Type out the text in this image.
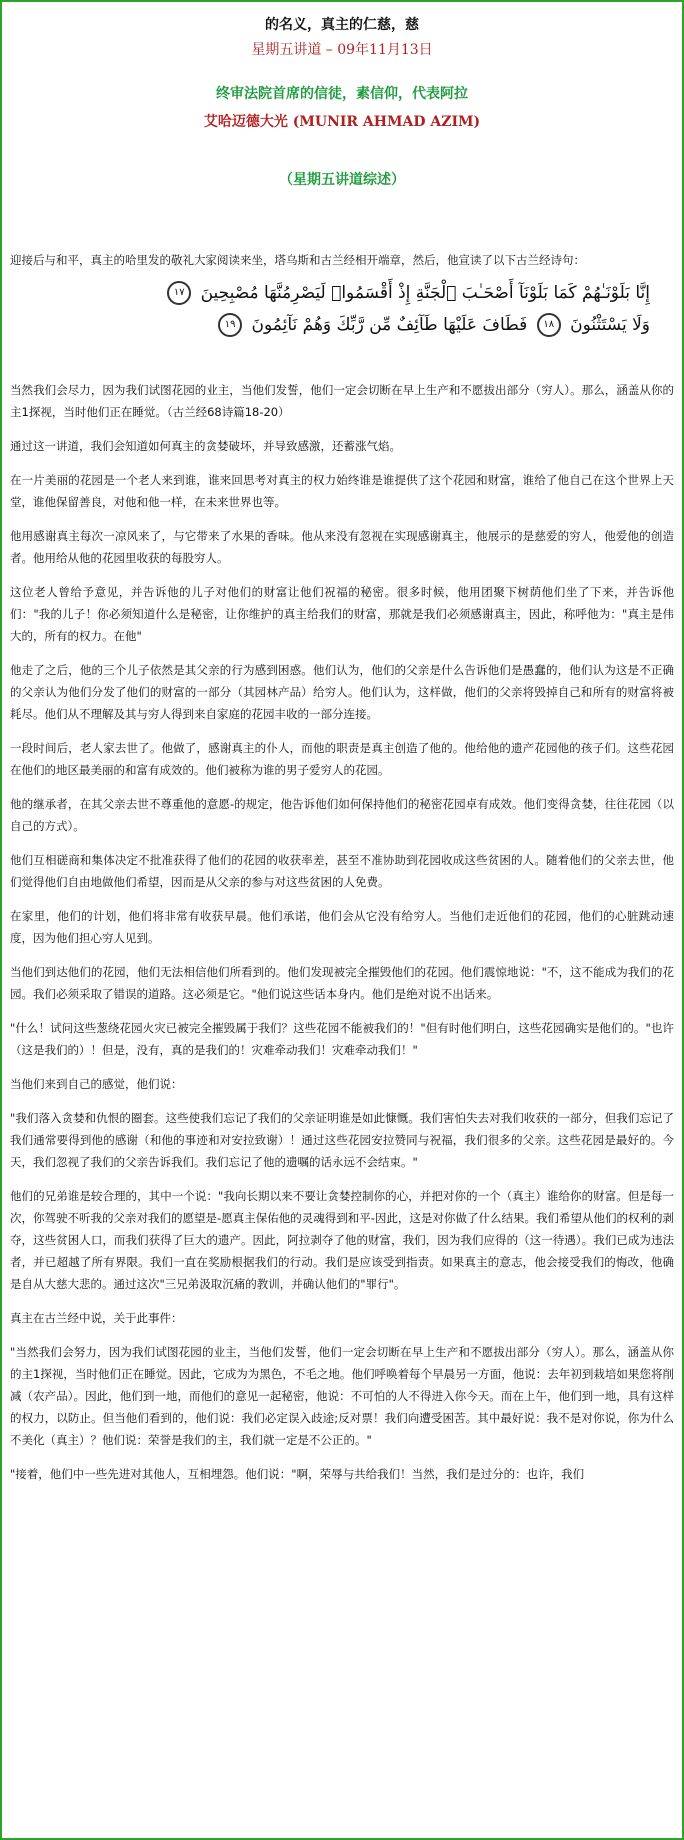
的名义，真主的仁慈，慈
星期五讲道 – 09年11月13日
终审法院首席的信徒，素信仰，代表阿拉
艾哈迈德大光 (MUNIR AHMAD AZIM)
（星期五讲道综述）

迎接后与和平，真主的哈里发的敬礼大家阅读来坐，塔乌斯和古兰经相开端章，然后，他宣读了以下古兰经诗句：

إِنَّا بَلَوْنَـٰهُمْ كَمَا بَلَوْنَآ أَصْحَـٰبَ ٱلْجَنَّةِ إِذْ أَقْسَمُوا۟ لَيَصْرِمُنَّهَا مُصْبِحِينَ ١٧
وَلَا يَسْتَثْنُونَ ١٨ فَطَافَ عَلَيْهَا طَآئِفٌ مِّن رَّبِّكَ وَهُمْ نَآئِمُونَ ١٩

当然我们会尽力，因为我们试图花园的业主，当他们发誓，他们一定会切断在早上生产和不愿拔出部分（穷人）。那么，涵盖从你的主1探视，当时他们正在睡觉。（古兰经68诗篇18-20）

通过这一讲道，我们会知道如何真主的贪婪破坏，并导致感激，还蓄涨气焰。

在一片美丽的花园是一个老人来到谁，谁来回思考对真主的权力始终谁是谁提供了这个花园和财富，谁给了他自己在这个世界上天堂，谁他保留善良，对他和他一样，在未来世界也等。

他用感谢真主每次一凉风来了，与它带来了水果的香味。他从来没有忽视在实现感谢真主，他展示的是慈爱的穷人，他爱他的创造者。他用给从他的花园里收获的每股穷人。

这位老人曾给予意见，并告诉他的儿子对他们的财富让他们祝福的秘密。很多时候，他用团聚下树荫他们坐了下来，并告诉他们："我的儿子！你必须知道什么是秘密，让你维护的真主给我们的财富，那就是我们必须感谢真主，因此，称呼他为："真主是伟大的，所有的权力。在他"

他走了之后，他的三个儿子依然是其父亲的行为感到困惑。他们认为，他们的父亲是什么告诉他们是愚蠢的，他们认为这是不正确的父亲认为他们分发了他们的财富的一部分（其园林产品）给穷人。他们认为，这样做，他们的父亲将毁掉自己和所有的财富将被耗尽。他们从不理解及其与穷人得到来自家庭的花园丰收的一部分连接。

一段时间后，老人家去世了。他做了，感谢真主的仆人，而他的职责是真主创造了他的。他给他的遗产花园他的孩子们。这些花园在他们的地区最美丽的和富有成效的。他们被称为谁的男子爱穷人的花园。

他的继承者，在其父亲去世不尊重他的意愿-的规定，他告诉他们如何保持他们的秘密花园卓有成效。他们变得贪婪，往往花园（以自己的方式）。

他们互相磋商和集体决定不批准获得了他们的花园的收获率差，甚至不准协助到花园收成这些贫困的人。随着他们的父亲去世，他们觉得他们自由地做他们希望，因而是从父亲的参与对这些贫困的人免费。

在家里，他们的计划，他们将非常有收获早晨。他们承诺，他们会从它没有给穷人。当他们走近他们的花园，他们的心脏跳动速度，因为他们担心穷人见到。

当他们到达他们的花园，他们无法相信他们所看到的。他们发现被完全摧毁他们的花园。他们震惊地说："不，这不能成为我们的花园。我们必须采取了错误的道路。这必须是它。"他们说这些话本身内。他们是绝对说不出话来。

"什么！试问这些葱绕花园火灾已被完全摧毁属于我们？这些花园不能被我们的！"但有时他们明白，这些花园确实是他们的。"也许（这是我们的）！但是，没有，真的是我们的！灾难牵动我们！灾难牵动我们！"

当他们来到自己的感觉，他们说：

"我们落入贪婪和仇恨的圈套。这些使我们忘记了我们的父亲证明谁是如此慷慨。我们害怕失去对我们收获的一部分，但我们忘记了我们通常要得到他的感谢（和他的事迹和对安拉致谢）！通过这些花园安拉赞同与祝福，我们很多的父亲。这些花园是最好的。今天，我们忽视了我们的父亲告诉我们。我们忘记了他的遗嘱的话永远不会结束。"

他们的兄弟谁是较合理的，其中一个说："我向长期以来不要让贪婪控制你的心，并把对你的一个（真主）谁给你的财富。但是每一次，你驾驶不听我的父亲对我们的愿望是-愿真主保佑他的灵魂得到和平-因此，这是对你做了什么结果。我们希望从他们的权利的剥夺，这些贫困人口，而我们获得了巨大的遗产。因此，阿拉剥夺了他的财富，我们，因为我们应得的（这一待遇）。我们已成为违法者，并已超越了所有界限。我们一直在奖励根据我们的行动。我们是应该受到指责。如果真主的意志，他会接受我们的悔改，他确是自从大慈大悲的。通过这次"三兄弟汲取沉痛的教训，并确认他们的"罪行"。

真主在古兰经中说，关于此事件：

"当然我们会努力，因为我们试图花园的业主，当他们发誓，他们一定会切断在早上生产和不愿拔出部分（穷人）。那么，涵盖从你的主1探视，当时他们正在睡觉。因此，它成为为黑色，不毛之地。他们呼唤着每个早晨另一方面，他说：去年初到栽培如果您将削减（农产品）。因此，他们到一地，而他们的意见一起秘密，他说：不可怕的人不得进入你今天。而在上午，他们到一地，具有这样的权力，以防止。但当他们看到的，他们说：我们必定误入歧途;反对票！我们向遭受困苦。其中最好说：我不是对你说，你为什么不美化（真主）？他们说：荣誉是我们的主，我们就一定是不公正的。"

"接着，他们中一些先进对其他人，互相埋怨。他们说："啊，荣辱与共给我们！当然，我们是过分的：也许，我们
